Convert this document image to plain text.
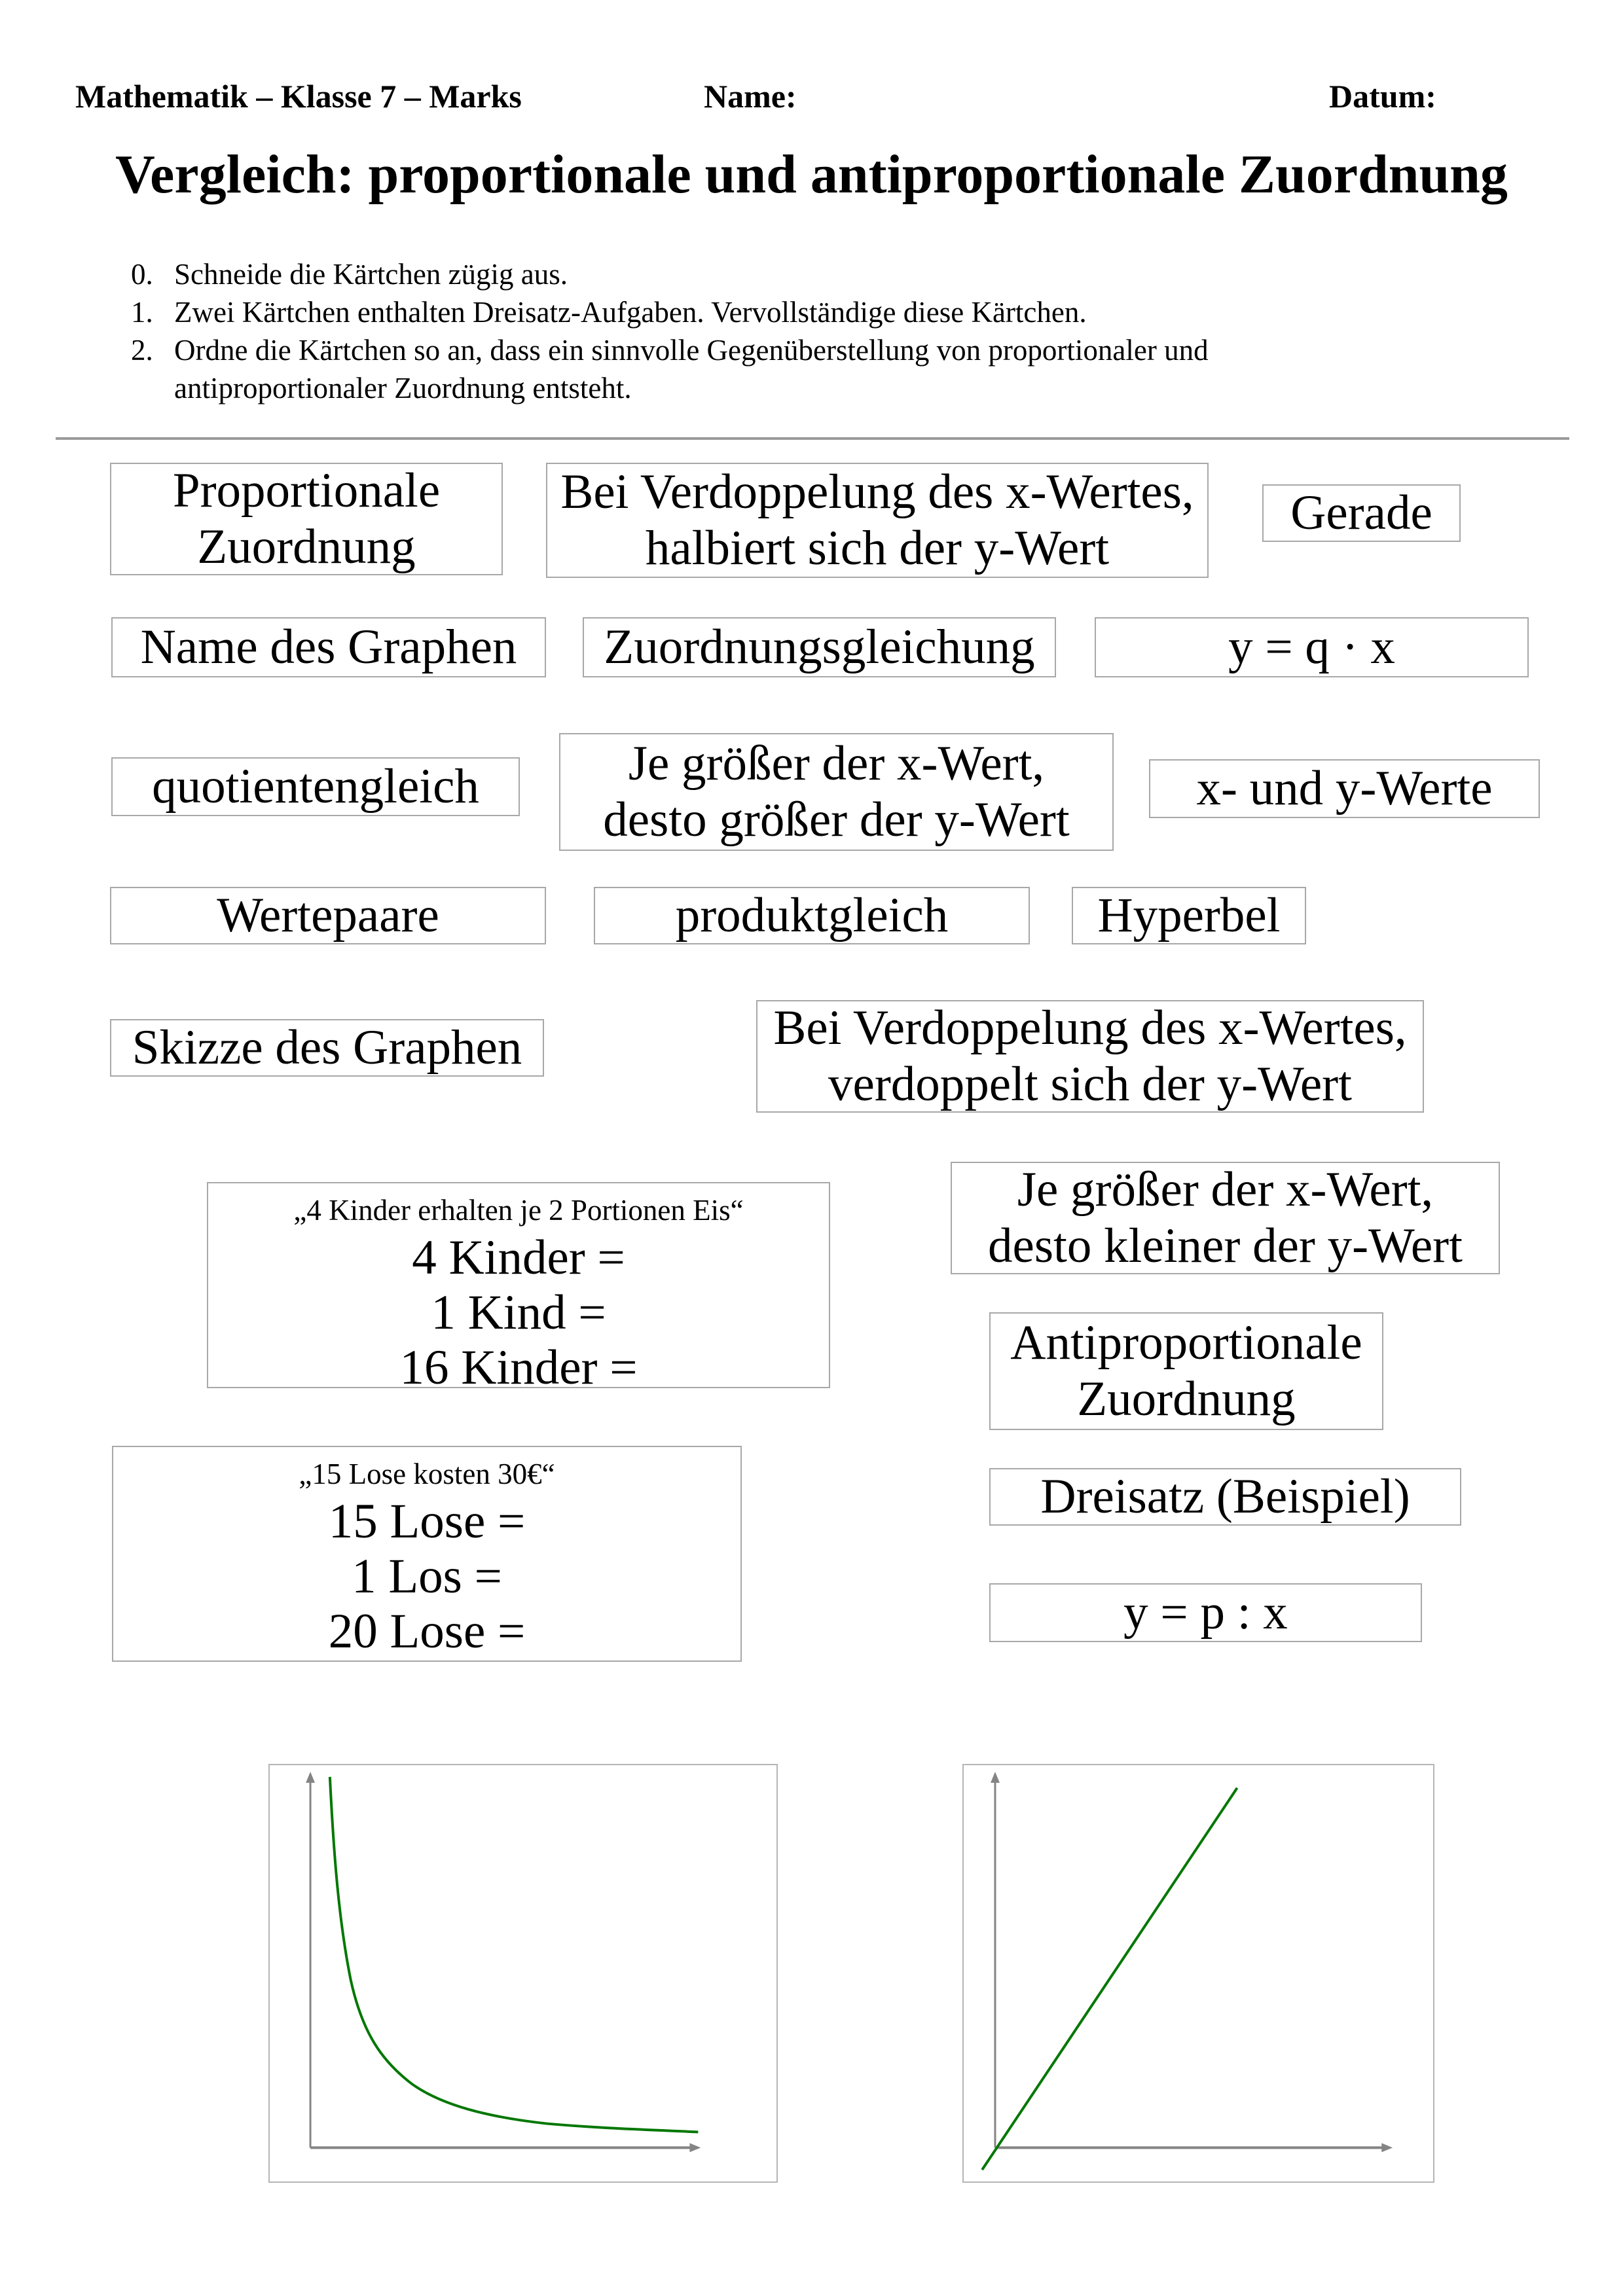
Mathematik – Klasse 7 – Marks	Name:	Datum:
Vergleich: proportionale und antiproportionale Zuordnung
0. Schneide die Kärtchen zügig aus.
1. Zwei Kärtchen enthalten Dreisatz-Aufgaben. Vervollständige diese Kärtchen.
2. Ordne die Kärtchen so an, dass ein sinnvolle Gegenüberstellung von proportionaler und antiproportionaler Zuordnung entsteht.
Proportionale
Zuordnung
Bei Verdoppelung des x-Wertes,
halbiert sich der y-Wert
Gerade
Name des Graphen Zuordnungsgleichung	y = q · x
quotientengleich	Je größer der x-Wert,
desto größer der y-Wert
x- und y-Werte
Wertepaare	produktgleich	Hyperbel
Skizze des Graphen	Bei Verdoppelung des x-Wertes,
verdoppelt sich der y-Wert
„4 Kinder erhalten je 2 Portionen Eis“
4 Kinder =
1 Kind =
16 Kinder =
Je größer der x-Wert,
desto kleiner der y-Wert
Antiproportionale
Zuordnung
„15 Lose kosten 30€“
15 Lose =
1 Los =
20 Lose =
Dreisatz (Beispiel)
y = p : x
